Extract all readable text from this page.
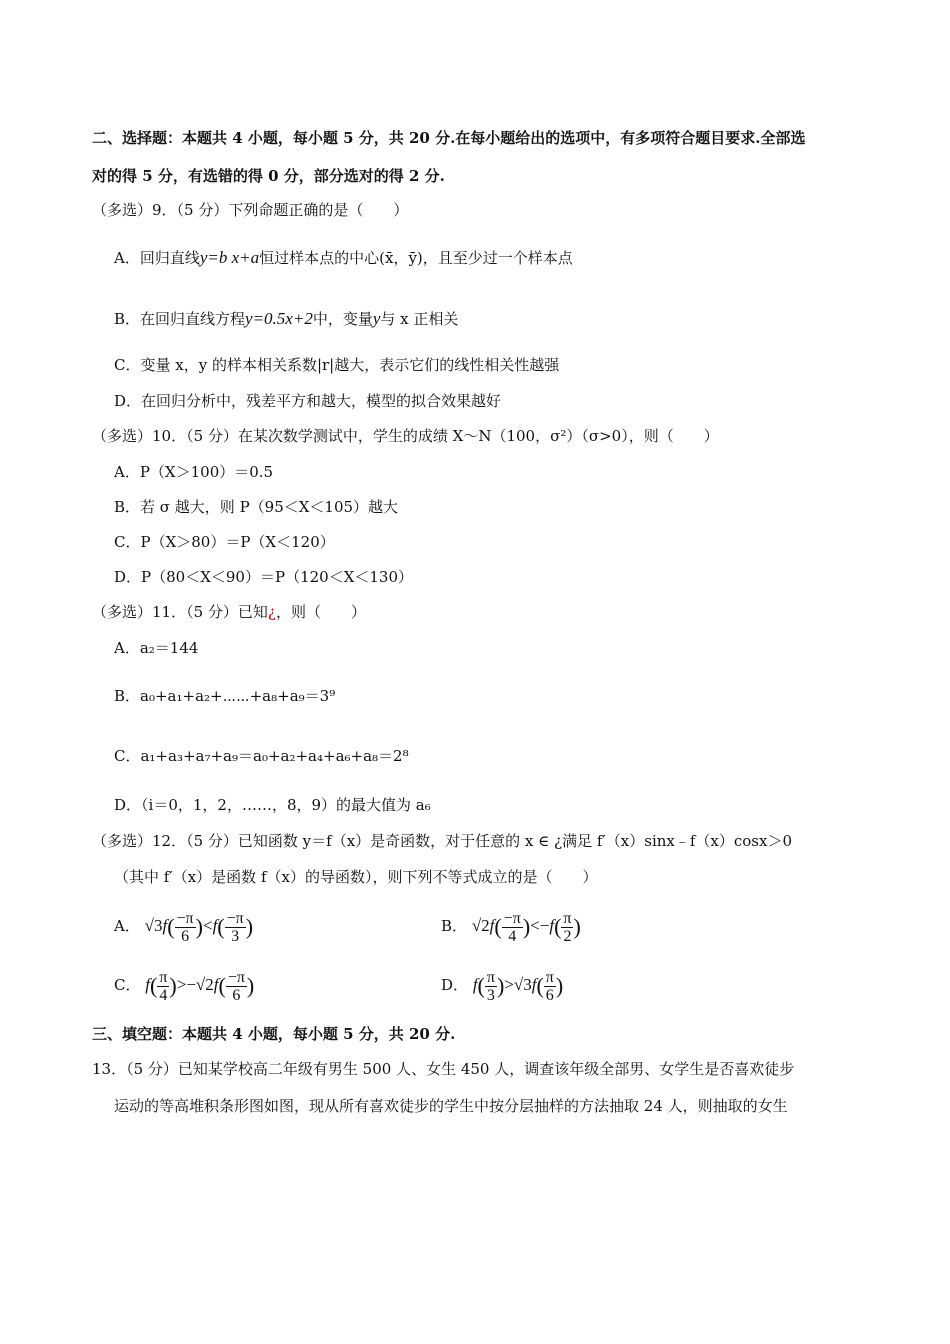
二、选择题：本题共 4 小题，每小题 5 分，共 20 分.在每小题给出的选项中，有多项符合题目要求.全部选
对的得 5 分，有选错的得 0 分，部分选对的得 2 分.
（多选）9．（5 分）下列命题正确的是（　　）
A．回归直线y=b x+a恒过样本点的中心(x̄，ȳ)，且至少过一个样本点
B．在回归直线方程y=0.5x+2中，变量y与 x 正相关
C．变量 x，y 的样本相关系数|r|越大，表示它们的线性相关性越强
D．在回归分析中，残差平方和越大，模型的拟合效果越好
（多选）10．（5 分）在某次数学测试中，学生的成绩 X～N（100，σ²）（σ>0），则（　　）
A．P（X＞100）＝0.5
B．若 σ 越大，则 P（95＜X＜105）越大
C．P（X＞80）＝P（X＜120）
D．P（80＜X＜90）＝P（120＜X＜130）
（多选）11．（5 分）已知¿，则（　　）
A．a₂＝144
B．a₀+a₁+a₂+⋯⋯+a₈+a₉＝3⁹
C．a₁+a₃+a₇+a₉＝a₀+a₂+a₄+a₆+a₈＝2⁸
D．（i＝0，1，2，……，8，9）的最大值为 a₆
（多选）12．（5 分）已知函数 y＝f（x）是奇函数，对于任意的 x ∈ ¿满足 f′（x）sinx﹣f（x）cosx＞0
（其中 f′（x）是函数 f（x）的导函数），则下列不等式成立的是（　　）
A． $√3f( \frac{-\pi}{6} )<f( \frac{-\pi}{3}$ )	B． $√2f( \frac{-\pi}{4} )<-f( \frac{\pi}{2}$ )
C． $f( \frac{\pi}{4} )>-√2f( \frac{-\pi}{6}$ )	D． $f( \frac{\pi}{3} )>√3f( \frac{\pi}{6}$ )
三、填空题：本题共 4 小题，每小题 5 分，共 20 分.
13．（5 分）已知某学校高二年级有男生 500 人、女生 450 人，调查该年级全部男、女学生是否喜欢徒步
运动的等高堆积条形图如图，现从所有喜欢徒步的学生中按分层抽样的方法抽取 24 人，则抽取的女生
